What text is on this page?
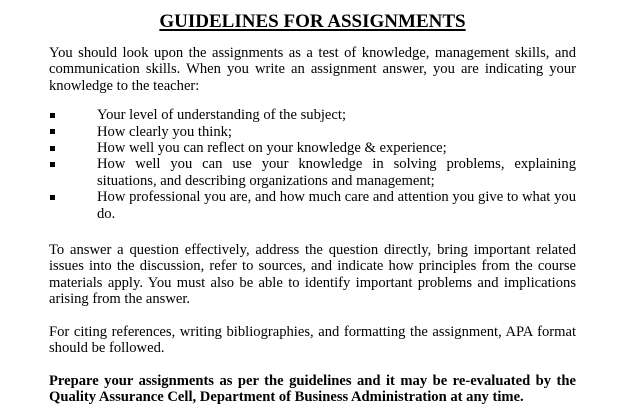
GUIDELINES FOR ASSIGNMENTS

You should look upon the assignments as a test of knowledge, management skills, and communication skills. When you write an assignment answer, you are indicating your knowledge to the teacher:

Your level of understanding of the subject;
How clearly you think;
How well you can reflect on your knowledge & experience;
How well you can use your knowledge in solving problems, explaining situations, and describing organizations and management;
How professional you are, and how much care and attention you give to what you do.

To answer a question effectively, address the question directly, bring important related issues into the discussion, refer to sources, and indicate how principles from the course materials apply. You must also be able to identify important problems and implications arising from the answer.

For citing references, writing bibliographies, and formatting the assignment, APA format should be followed.

Prepare your assignments as per the guidelines and it may be re-evaluated by the Quality Assurance Cell, Department of Business Administration at any time.
